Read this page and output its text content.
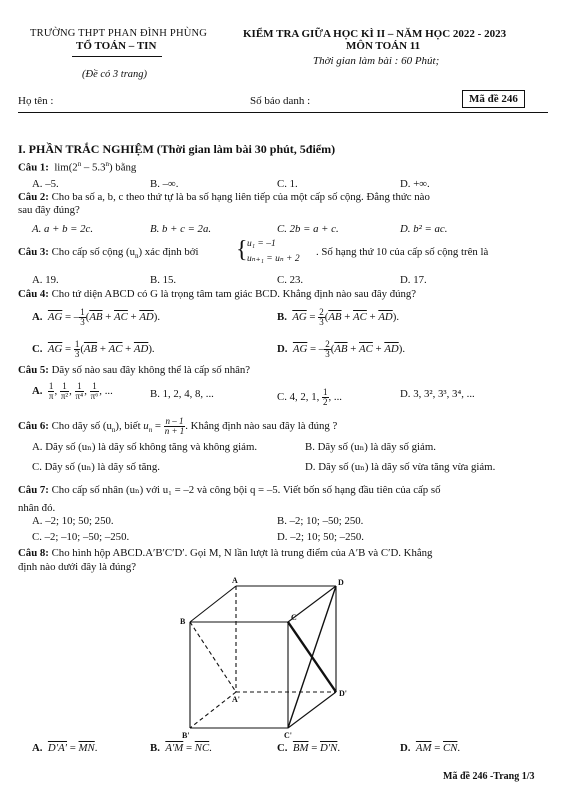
TRƯỜNG THPT PHAN ĐÌNH PHÙNG
TỔ TOÁN – TIN
(Đề có 3 trang)
KIỂM TRA GIỮA HỌC KÌ II – NĂM HỌC 2022 - 2023
MÔN TOÁN 11
Thời gian làm bài : 60 Phút;
Họ tên :	Số báo danh :	Mã đề 246
I. PHẦN TRẮC NGHIỆM (Thời gian làm bài 30 phút, 5điểm)
Câu 1: lim(2$^n$ – 5.3$^n$) bằng
A. –5.	B. –∞.	C. 1.	D. +∞.
Câu 2: Cho ba số a, b, c theo thứ tự là ba số hạng liên tiếp của một cấp số cộng. Đẳng thức nào
sau đây đúng?
A. a + b = 2c.	B. b + c = 2a.	C. 2b = a + c.	D. b² = ac.
Câu 3: Cho cấp số cộng $(u_n)$ xác định bởi { u₁ = –1
uₙ₊₁ = uₙ + 2
. Số hạng thứ 10 của cấp số cộng trên là
A. 19.	B. 15.	C. 23.	D. 17.
Câu 4: Cho tứ diện ABCD có G là trọng tâm tam giác BCD. Khẳng định nào sau đây đúng?
A. $\overline{AG}$ = – $\frac{1}{3} (\overline{AB} + \overline{AC} + \overline{AD})$.	B. $\overline{AG} = \frac{2}{3} (\overline{AB} + \overline{AC} + \overline{AD})$.
C. $\overline{AG} = \frac{1}{3} (\overline{AB} + \overline{AC} + \overline{AD})$.	D. $\overline{AG}$ = – $\frac{2}{3} (\overline{AB} + \overline{AC} + \overline{AD})$.
Câu 5: Dãy số nào sau đây không thể là cấp số nhân?
A. $\frac{1}{\pi}$ , $\frac{1}{\text{π²}}$ , $\frac{1}{\text{π⁴}}$ , $\frac{1}{\text{π⁶}}$ , ...	B. 1, 2, 4, 8, ...	C. 4, 2, 1, $\frac{1}{2}$ , ...	D. 3, 3², 3³, 3⁴, ...
Câu 6: Cho dãy số $(u_n)$, biết $u_n = \frac{n - 1}{n + 1}$ . Khẳng định nào sau đây là đúng ?
A. Dãy số (uₙ) là dãy số không tăng và không giảm.	B. Dãy số (uₙ) là dãy số giảm.
C. Dãy số (uₙ) là dãy số tăng.	D. Dãy số (uₙ) là dãy số vừa tăng vừa giảm.
Câu 7: Cho cấp số nhân (uₙ) với u₁ = –2 và công bội q = –5. Viết bốn số hạng đầu tiên của cấp số
nhân đó.
A. –2; 10; 50; 250.	B. –2; 10; –50; 250.
C. –2; –10; –50; –250.	D. –2; 10; 50; –250.
Câu 8: Cho hình hộp ABCD.A′B′C′D′. Gọi M, N lần lượt là trung điểm của A′B và C′D. Khẳng
định nào dưới đây là đúng?
A	D
B	C
A'
D'
B'	C'
A. $D'A' = \overline{MN}$.	B. $A'M = \overline{NC}$.	C. $\overline{BM} = D'N$.	D. $\overline{AM} = \overline{CN}$.
Mã đề 246 -Trang 1/3
